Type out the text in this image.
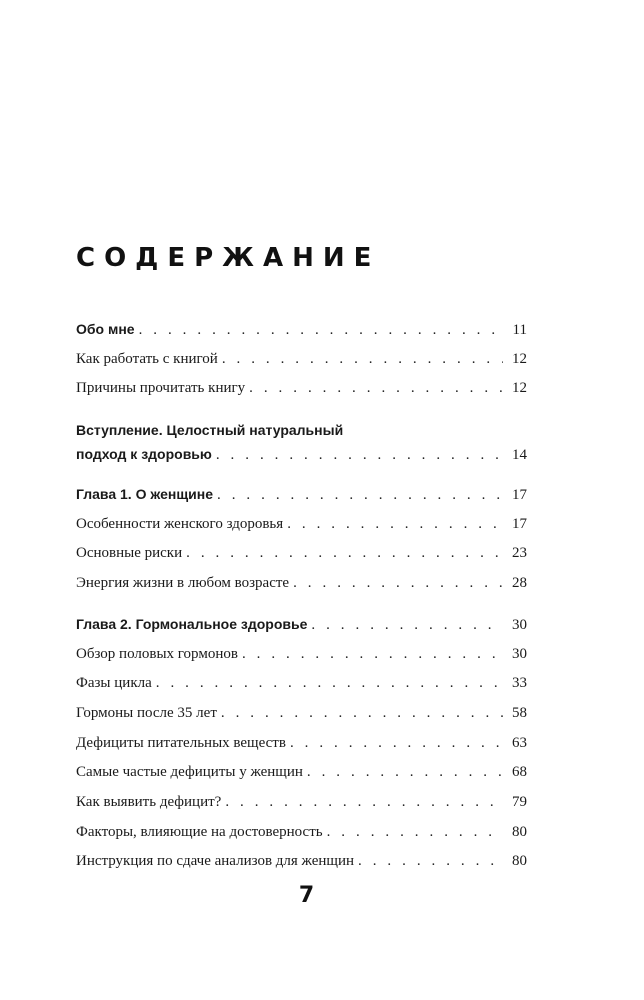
СОДЕРЖАНИЕ
Обо мне . . .	11
Как работать с книгой . . .	12
Причины прочитать книгу . . .	12
Вступление. Целостный натуральный
подход к здоровью . . .	14
Глава 1. О женщине . . .	17
Особенности женского здоровья . . .	17
Основные риски . . .	23
Энергия жизни в любом возрасте . . .	28
Глава 2. Гормональное здоровье . . .	30
Обзор половых гормонов . . .	30
Фазы цикла . . .	33
Гормоны после 35 лет . . .	58
Дефициты питательных веществ . . .	63
Самые частые дефициты у женщин . . .	68
Как выявить дефицит? . . .	79
Факторы, влияющие на достоверность . . .	80
Инструкция по сдаче анализов для женщин . . .	80
7
